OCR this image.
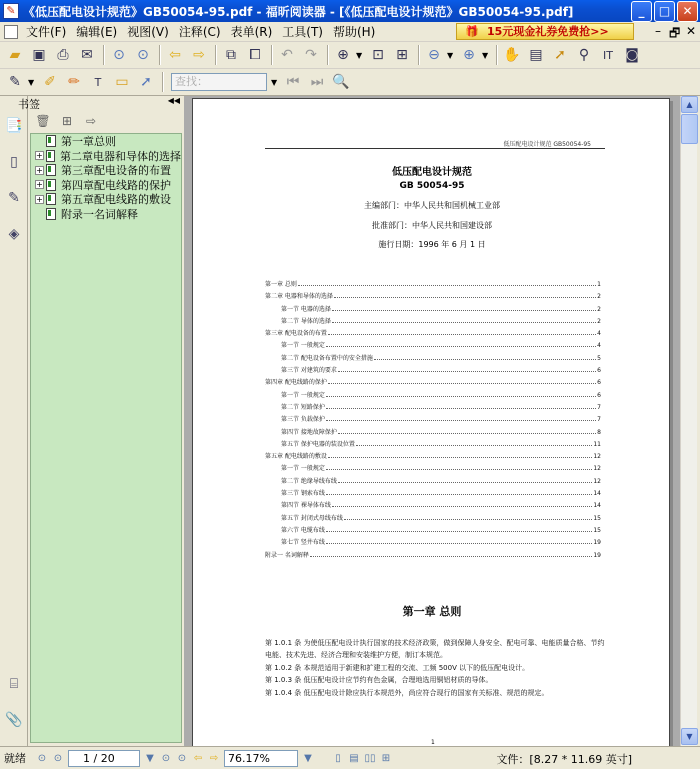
✎ 《低压配电设计规范》GB50054-95.pdf - 福昕阅读器 - [《低压配电设计规范》GB50054-95.pdf]	_	□	✕
文件(F) 编辑(E) 视图(V) 注释(C) 表单(R) 工具(T) 帮助(H)	🎁 15元现金礼券免费抢>>	– 🗗 ✕
▰ ▣ ⎙ ✉	⊙ ⊙	⇦ ⇨	⧉ ⧠	↶ ↷	⊕ ▼ ⊡ ⊞	⊖ ▼ ⊕ ▼ ✋ ▤ ➚ ⚲	IT ◙
✎ ▼ ✐ ✏	T	▭ ➚	查找：	▼ ⏮ ⏭ 🔍
📑
▯
✎
◈
⌸
📎
书签	◀◀
🗑 ⊞	⇨
第一章总则
+ 第二章电器和导体的选择
+ 第三章配电设备的布置
+ 第四章配电线路的保护
+ 第五章配电线路的敷设
附录一名词解释
低压配电设计规范 GB50054-95
低压配电设计规范
GB 50054-95
主编部门：中华人民共和国机械工业部
批准部门：中华人民共和国建设部
施行日期：1996 年 6 月 1 日
第一章 总则	1
第二章 电器和导体的选择	2
第一节 电器的选择	2
第二节 导体的选择	2
第三章 配电设备的布置	4
第一节 一般规定	4
第二节 配电设备布置中的安全措施	5
第三节 对建筑的要求	6
第四章 配电线路的保护	6
第一节 一般规定	6
第二节 短路保护	7
第三节 负载保护	7
第四节 接地故障保护	8
第五节 保护电器的装设位置	11
第五章 配电线路的敷设	12
第一节 一般规定	12
第二节 绝缘导线布线	12
第三节 钢索布线	14
第四节 裸导体布线	14
第五节 封闭式母线布线	15
第六节 电缆布线	15
第七节 竖井布线	19
附录一 名词解释	19
第一章 总则

第 1.0.1 条 为使低压配电设计执行国家的技术经济政策，做到保障人身安全、配电可靠、电能质量合格、节约电能、技术先进、经济合理和安装维护方便，制订本规范。

第 1.0.2 条 本规范适用于新建和扩建工程的交流、工频 500V 以下的低压配电设计。

第 1.0.3 条 低压配电设计应节约有色金属，合理地选用铜铝材质的导体。

第 1.0.4 条 低压配电设计除应执行本规范外，尚应符合现行的国家有关标准、规范的规定。

1
▲
▼
就绪	⊙ ⊙	1 / 20	▼ ⊙ ⊙ ⇦ ⇨ 76.17%	▼	▯ ▤ ▯▯ ⊞	文件：[8.27 * 11.69 英寸]
